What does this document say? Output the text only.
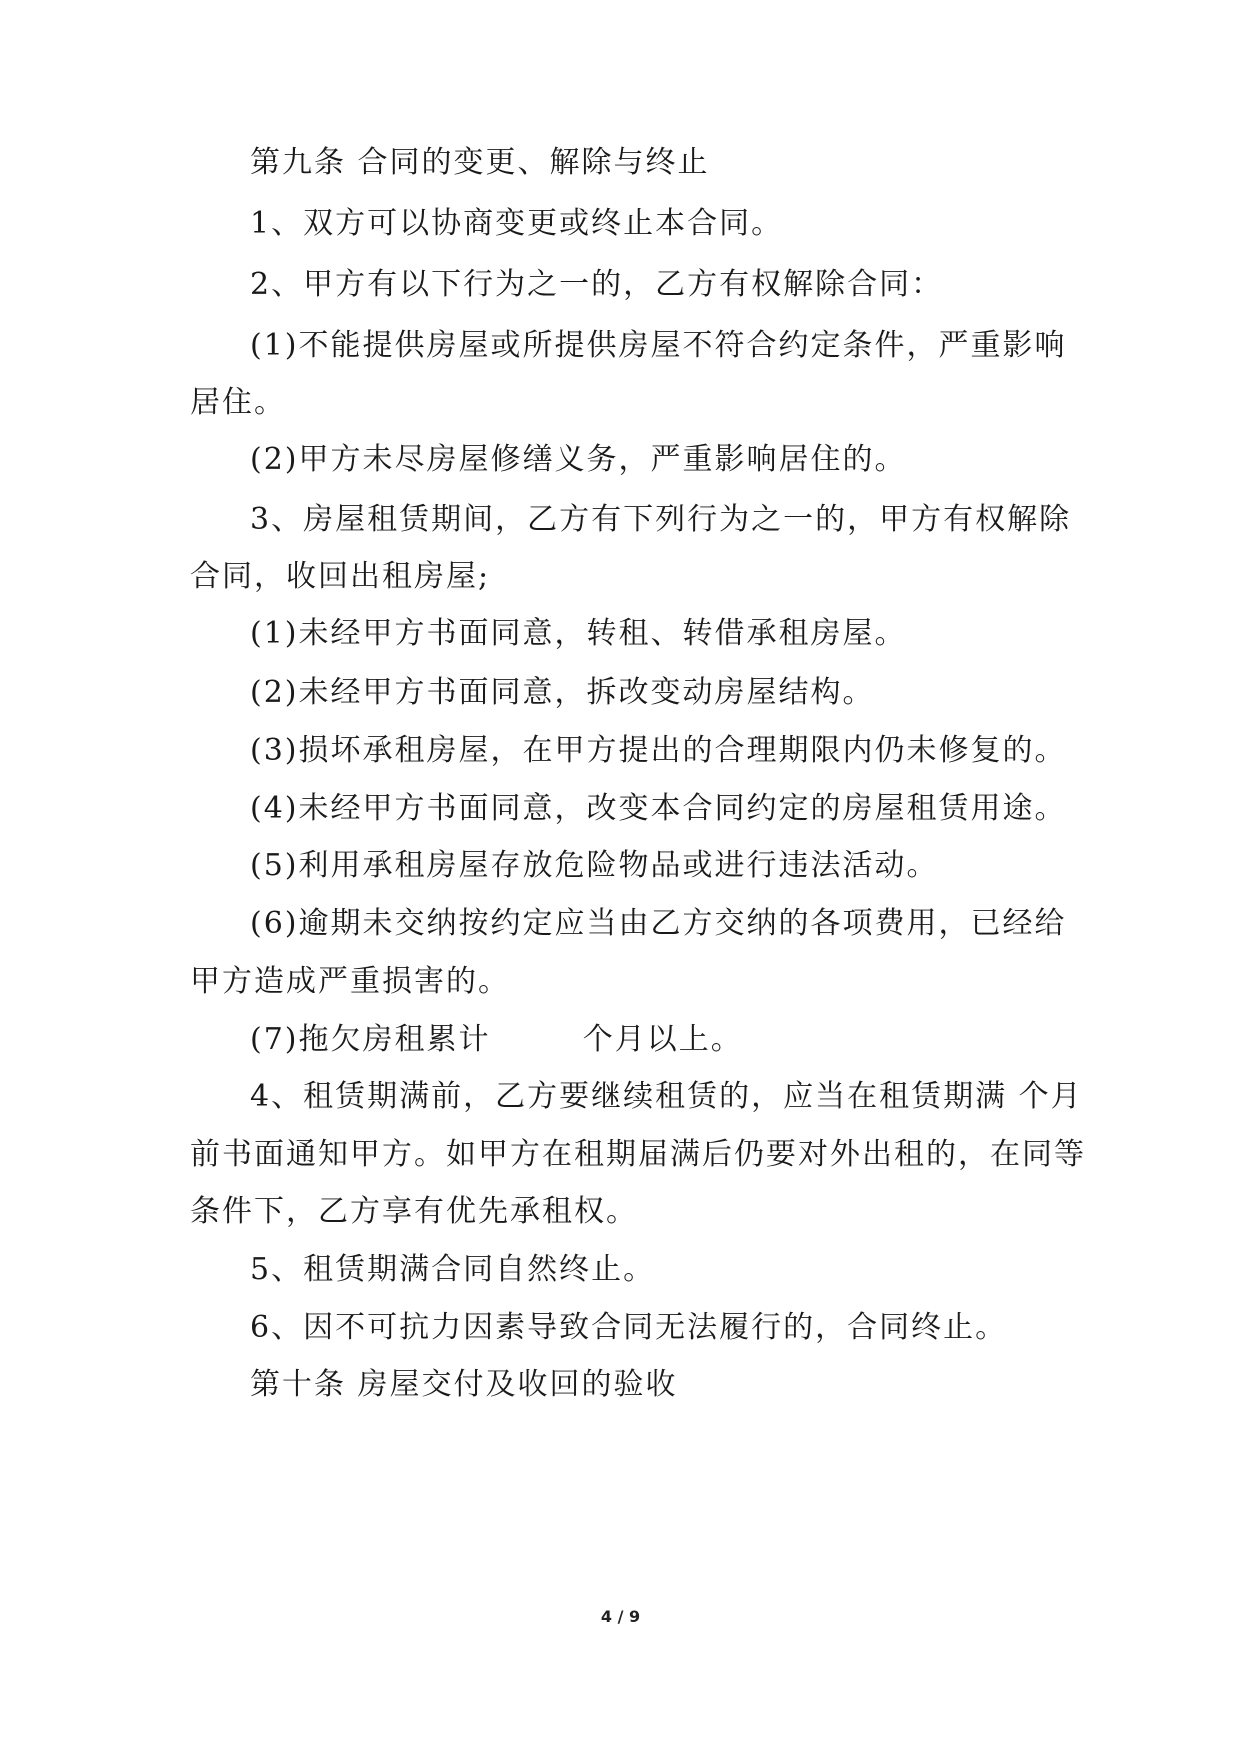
第九条 合同的变更、解除与终止
1、双方可以协商变更或终止本合同。
2、甲方有以下行为之一的，乙方有权解除合同：
(1)不能提供房屋或所提供房屋不符合约定条件，严重影响
居住。
(2)甲方未尽房屋修缮义务，严重影响居住的。
3、房屋租赁期间，乙方有下列行为之一的，甲方有权解除
合同，收回出租房屋;
(1)未经甲方书面同意，转租、转借承租房屋。
(2)未经甲方书面同意，拆改变动房屋结构。
(3)损坏承租房屋，在甲方提出的合理期限内仍未修复的。
(4)未经甲方书面同意，改变本合同约定的房屋租赁用途。
(5)利用承租房屋存放危险物品或进行违法活动。
(6)逾期未交纳按约定应当由乙方交纳的各项费用，已经给
甲方造成严重损害的。
(7)拖欠房租累计        个月以上。
4、租赁期满前，乙方要继续租赁的，应当在租赁期满 个月
前书面通知甲方。如甲方在租期届满后仍要对外出租的，在同等
条件下，乙方享有优先承租权。
5、租赁期满合同自然终止。
6、因不可抗力因素导致合同无法履行的，合同终止。
第十条 房屋交付及收回的验收
4 / 9
